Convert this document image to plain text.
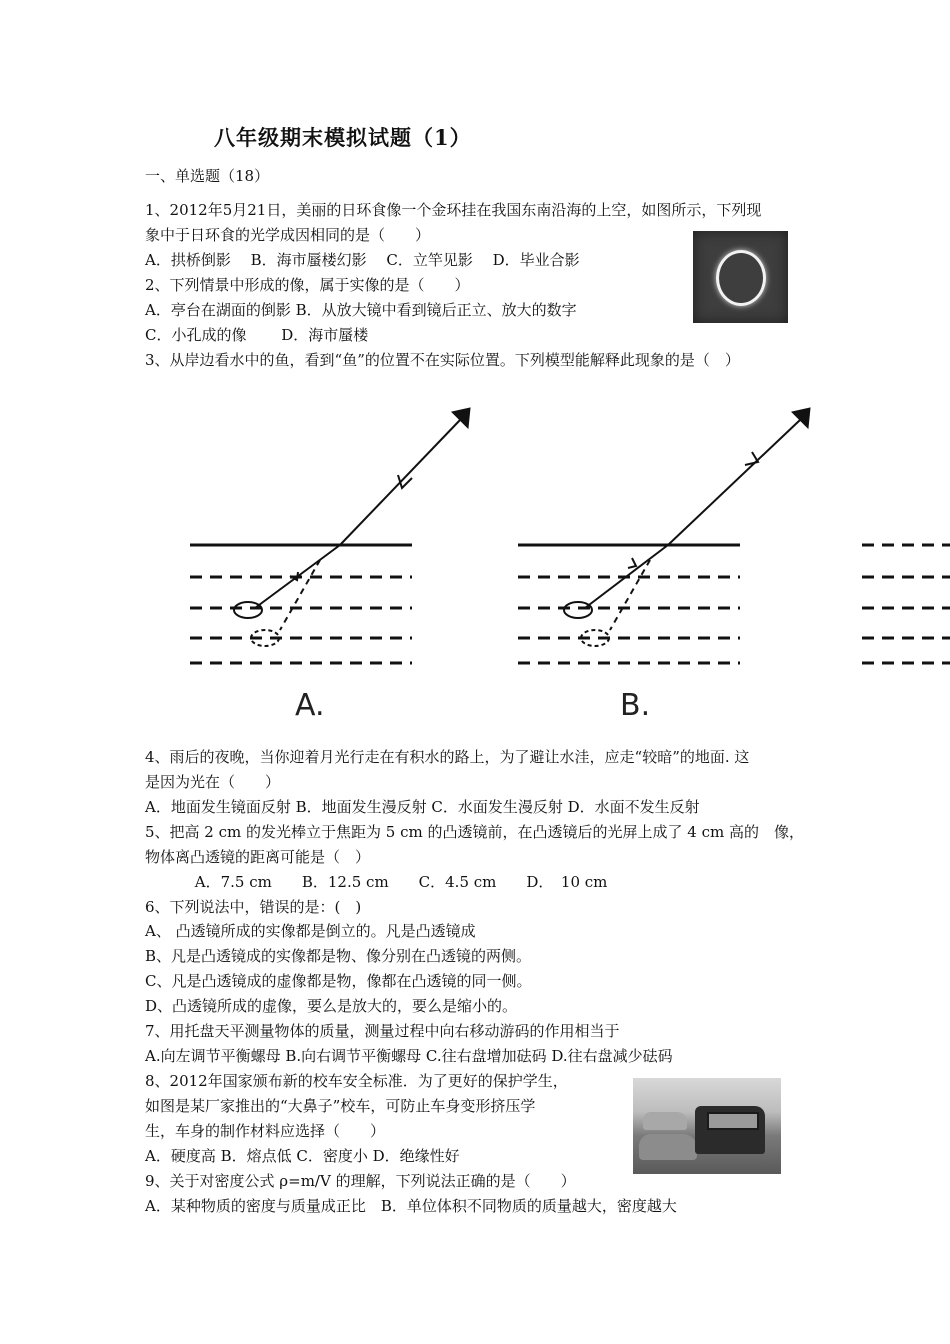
八年级期末模拟试题（1）
一、单选题（18）
1、2012年5月21日，美丽的日环食像一个金环挂在我国东南沿海的上空，如图所示，下列现
象中于日环食的光学成因相同的是（　　）
A．拱桥倒影　 B．海市蜃楼幻影　 C．立竿见影　 D．毕业合影
2、下列情景中形成的像，属于实像的是（　　）
A．亭台在湖面的倒影 B．从放大镜中看到镜后正立、放大的数字
C．小孔成的像　　 D．海市蜃楼
3、从岸边看水中的鱼，看到“鱼”的位置不在实际位置。下列模型能解释此现象的是（　）
A.	B.
4、雨后的夜晚，当你迎着月光行走在有积水的路上，为了避让水洼，应走“较暗”的地面. 这
是因为光在（　　）
A．地面发生镜面反射 B．地面发生漫反射 C．水面发生漫反射 D．水面不发生反射
5、把高 2 cm 的发光棒立于焦距为 5 cm 的凸透镜前，在凸透镜后的光屏上成了 4 cm 高的　像，
物体离凸透镜的距离可能是（　）
　　　 A．7.5 cm　　B．12.5 cm　　C．4.5 cm　　D．　10 cm
6、下列说法中，错误的是：(　)
A、 凸透镜所成的实像都是倒立的。凡是凸透镜成
B、凡是凸透镜成的实像都是物、像分别在凸透镜的两侧。
C、凡是凸透镜成的虚像都是物，像都在凸透镜的同一侧。
D、凸透镜所成的虚像，要么是放大的，要么是缩小的。
7、用托盘天平测量物体的质量，测量过程中向右移动游码的作用相当于
A.向左调节平衡螺母 B.向右调节平衡螺母 C.往右盘增加砝码 D.往右盘减少砝码
8、2012年国家颁布新的校车安全标准．为了更好的保护学生，
如图是某厂家推出的“大鼻子”校车，可防止车身变形挤压学
生，车身的制作材料应选择（　　）
A．硬度高 B．熔点低 C．密度小 D．绝缘性好
9、关于对密度公式 ρ=m/V 的理解，下列说法正确的是（　　）
A．某种物质的密度与质量成正比　B．单位体积不同物质的质量越大，密度越大
